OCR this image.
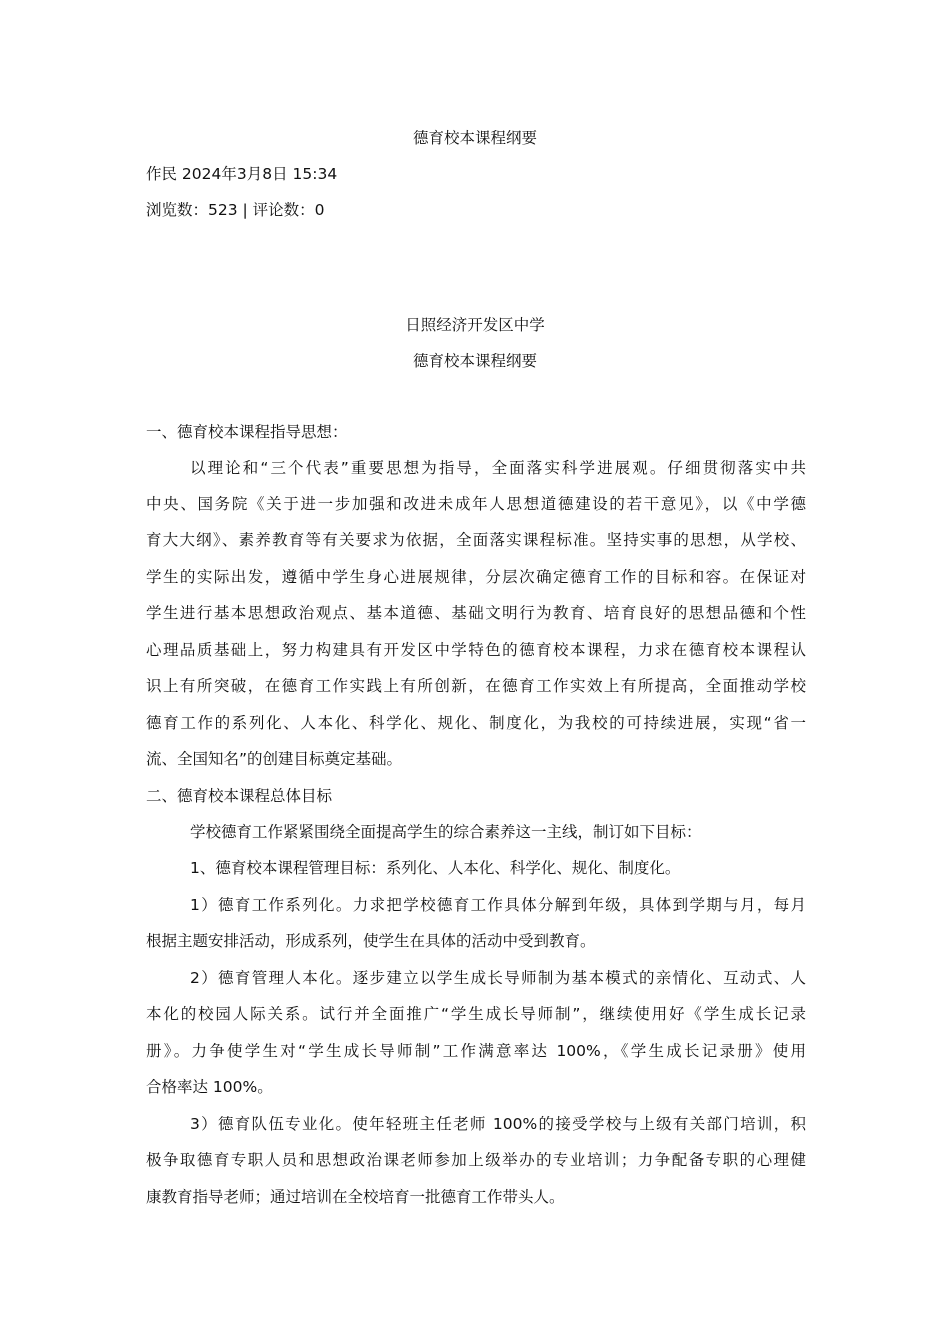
德育校本课程纲要
作民 2024年3月8日 15:34
浏览数：523 | 评论数：0
日照经济开发区中学
德育校本课程纲要
一、德育校本课程指导思想：
以理论和“三个代表”重要思想为指导，全面落实科学进展观。仔细贯彻落实中共
中央、国务院《关于进一步加强和改进未成年人思想道德建设的若干意见》，以《中学德
育大大纲》、素养教育等有关要求为依据，全面落实课程标准。坚持实事的思想，从学校、
学生的实际出发，遵循中学生身心进展规律，分层次确定德育工作的目标和容。在保证对
学生进行基本思想政治观点、基本道德、基础文明行为教育、培育良好的思想品德和个性
心理品质基础上，努力构建具有开发区中学特色的德育校本课程，力求在德育校本课程认
识上有所突破，在德育工作实践上有所创新，在德育工作实效上有所提高，全面推动学校
德育工作的系列化、人本化、科学化、规化、制度化，为我校的可持续进展，实现“省一
流、全国知名”的创建目标奠定基础。
二、德育校本课程总体目标
学校德育工作紧紧围绕全面提高学生的综合素养这一主线，制订如下目标：
1、德育校本课程管理目标：系列化、人本化、科学化、规化、制度化。
1）德育工作系列化。力求把学校德育工作具体分解到年级，具体到学期与月，每月
根据主题安排活动，形成系列，使学生在具体的活动中受到教育。
2）德育管理人本化。逐步建立以学生成长导师制为基本模式的亲情化、互动式、人
本化的校园人际关系。试行并全面推广“学生成长导师制”，继续使用好《学生成长记录
册》。力争使学生对“学生成长导师制”工作满意率达 100%，《学生成长记录册》使用
合格率达 100%。
3）德育队伍专业化。使年轻班主任老师 100%的接受学校与上级有关部门培训，积
极争取德育专职人员和思想政治课老师参加上级举办的专业培训；力争配备专职的心理健
康教育指导老师；通过培训在全校培育一批德育工作带头人。
